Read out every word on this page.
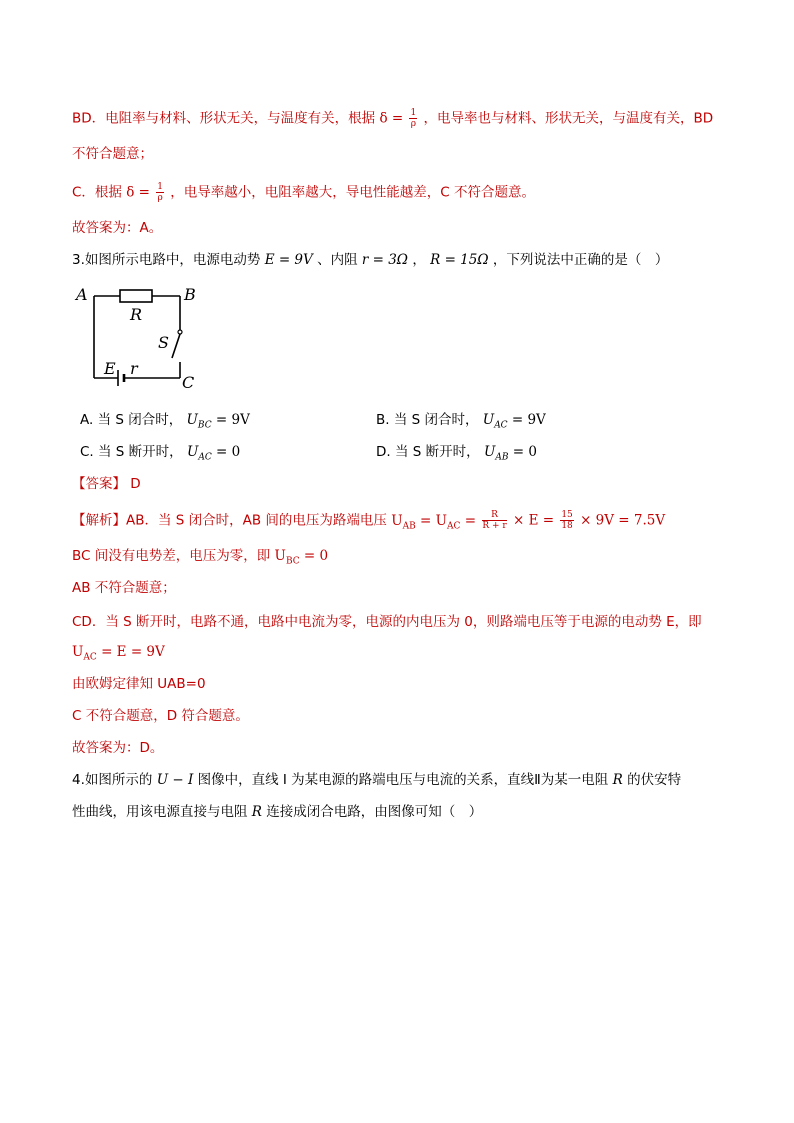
BD．电阻率与材料、形状无关，与温度有关，根据 $\delta = \frac{1}{\rho}$ ，电导率也与材料、形状无关，与温度有关，BD
不符合题意；
C．根据 $\delta = \frac{1}{\rho}$ ，电导率越小，电阻率越大，导电性能越差，C 不符合题意。
故答案为：A。
3.如图所示电路中，电源电动势 E = 9V 、内阻 r = 3Ω ， R = 15Ω ，下列说法中正确的是（　）
A	B
C
R
S
E r
A. 当 S 闭合时， $U_{BC} = 9V$	B. 当 S 闭合时， $U_{AC} = 9V$
C. 当 S 断开时， $U_{AC} = 0$	D. 当 S 断开时， $U_{AB} = 0$
【答案】 D
【解析】AB．当 S 闭合时，AB 间的电压为路端电压 $U_{AB} = U_{AC} = \frac{R}{R + r} \times E = \frac{15}{18} \times 9V = 7.5V$
BC 间没有电势差，电压为零，即 $U_{BC} = 0$
AB 不符合题意；
CD．当 S 断开时，电路不通，电路中电流为零，电源的内电压为 0，则路端电压等于电源的电动势 E，即
$U_{AC} = E = 9V$
由欧姆定律知 UAB=0
C 不符合题意，D 符合题意。
故答案为：D。
4.如图所示的 U − I 图像中，直线 Ⅰ 为某电源的路端电压与电流的关系，直线Ⅱ为某一电阻 R 的伏安特
性曲线，用该电源直接与电阻 R 连接成闭合电路，由图像可知（　）
